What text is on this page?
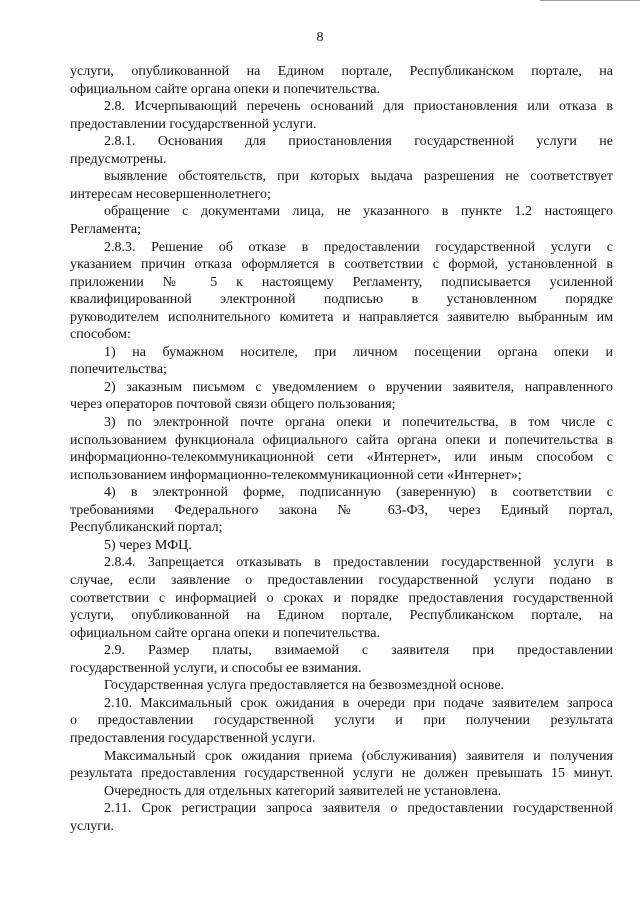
8
услуги, опубликованной на Едином портале, Республиканском портале, на
официальном сайте органа опеки и попечительства.
2.8. Исчерпывающий перечень оснований для приостановления или отказа в
предоставлении государственной услуги.
2.8.1. Основания для приостановления государственной услуги не
предусмотрены.
выявление обстоятельств, при которых выдача разрешения не соответствует
интересам несовершеннолетнего;
обращение с документами лица, не указанного в пункте 1.2 настоящего
Регламента;
2.8.3. Решение об отказе в предоставлении государственной услуги с
указанием причин отказа оформляется в соответствии с формой, установленной в
приложении № 5 к настоящему Регламенту, подписывается усиленной
квалифицированной электронной подписью в установленном порядке
руководителем исполнительного комитета и направляется заявителю выбранным им
способом:
1) на бумажном носителе, при личном посещении органа опеки и
попечительства;
2) заказным письмом с уведомлением о вручении заявителя, направленного
через операторов почтовой связи общего пользования;
3) по электронной почте органа опеки и попечительства, в том числе с
использованием функционала официального сайта органа опеки и попечительства в
информационно-телекоммуникационной сети «Интернет», или иным способом с
использованием информационно-телекоммуникационной сети «Интернет»;
4) в электронной форме, подписанную (заверенную) в соответствии с
требованиями Федерального закона № 63-ФЗ, через Единый портал,
Республиканский портал;
5) через МФЦ.
2.8.4. Запрещается отказывать в предоставлении государственной услуги в
случае, если заявление о предоставлении государственной услуги подано в
соответствии с информацией о сроках и порядке предоставления государственной
услуги, опубликованной на Едином портале, Республиканском портале, на
официальном сайте органа опеки и попечительства.
2.9. Размер платы, взимаемой с заявителя при предоставлении
государственной услуги, и способы ее взимания.
Государственная услуга предоставляется на безвозмездной основе.
2.10. Максимальный срок ожидания в очереди при подаче заявителем запроса
о предоставлении государственной услуги и при получении результата
предоставления государственной услуги.
Максимальный срок ожидания приема (обслуживания) заявителя и получения
результата предоставления государственной услуги не должен превышать 15 минут.
Очередность для отдельных категорий заявителей не установлена.
2.11. Срок регистрации запроса заявителя о предоставлении государственной
услуги.
